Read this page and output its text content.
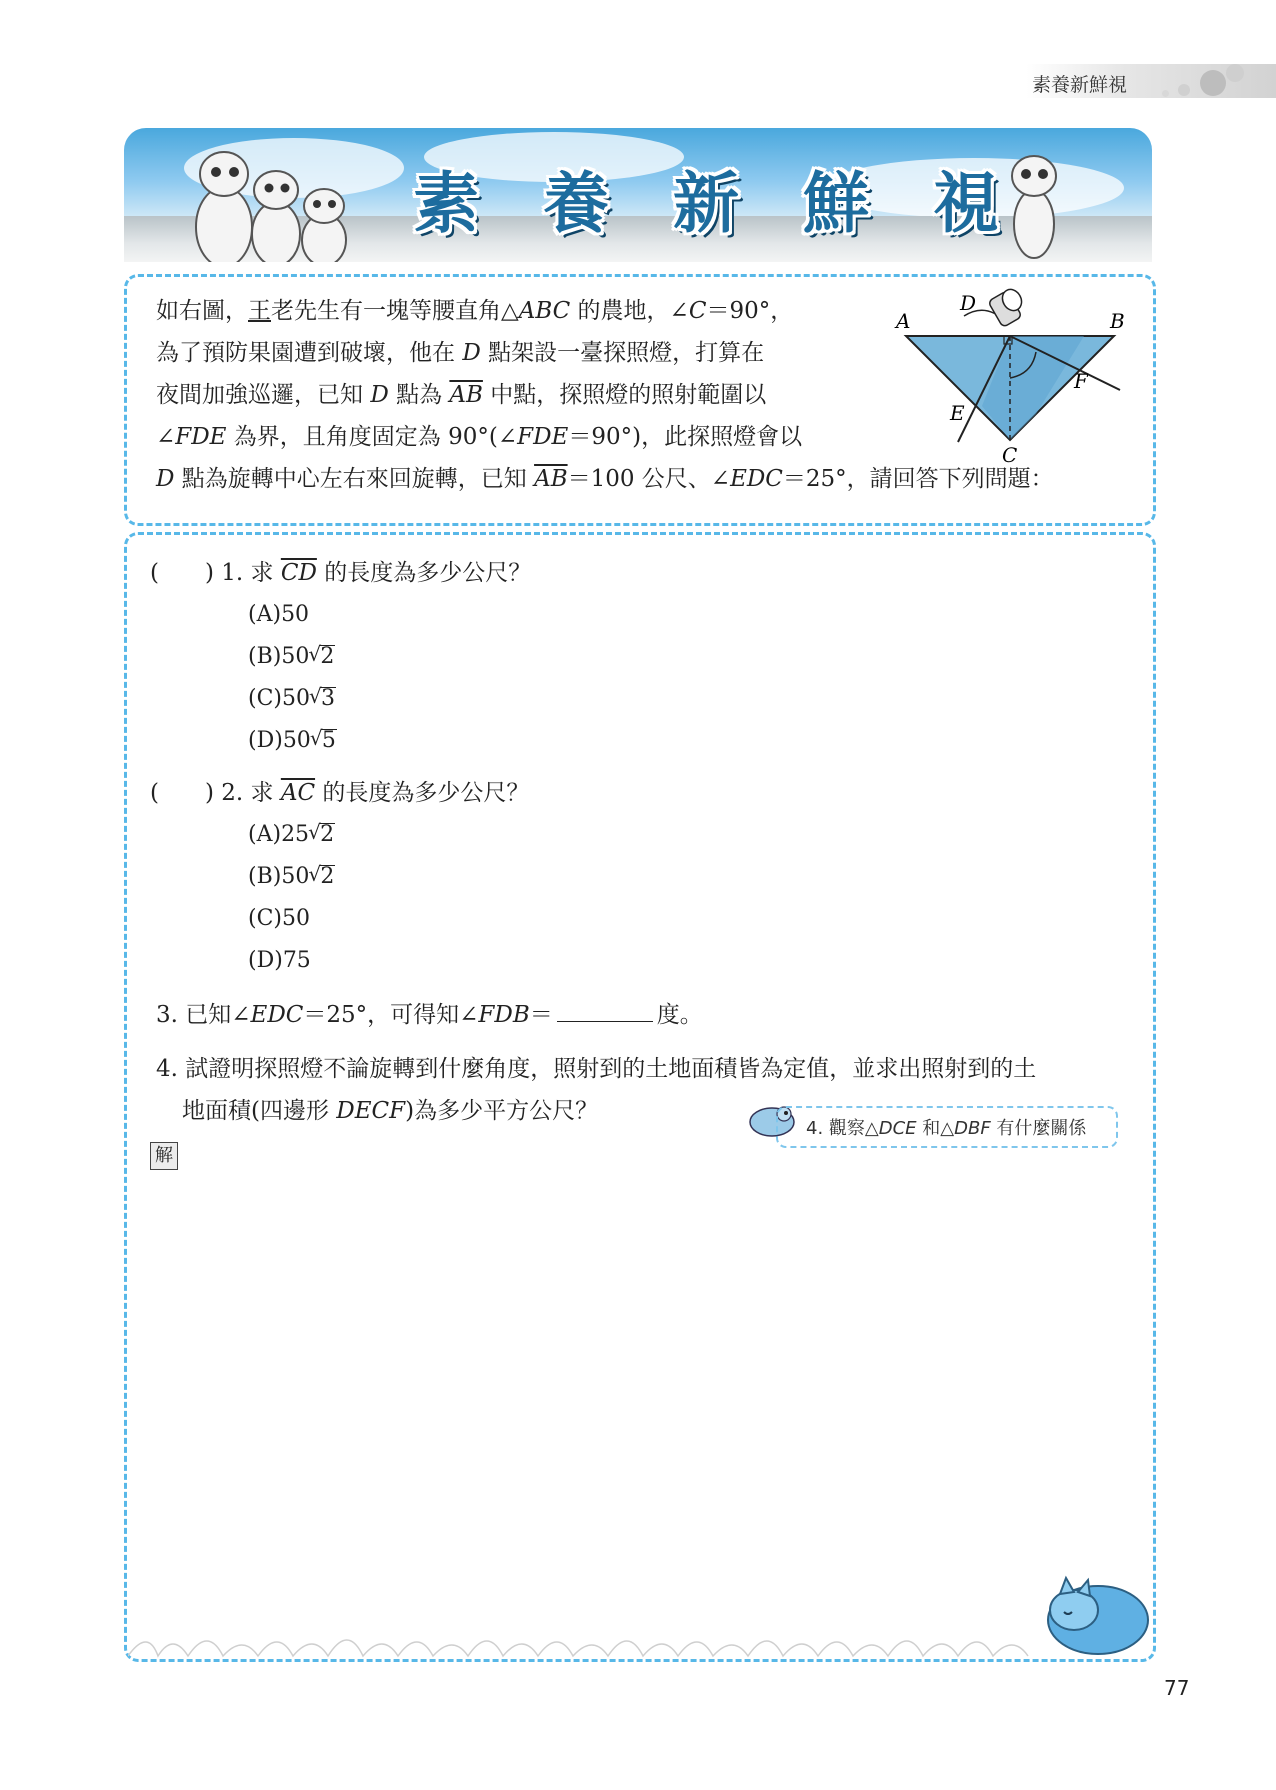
素養新鮮視
素 養 新 鮮 視
如右圖，王老先生有一塊等腰直角△ABC 的農地，∠C＝90°，
為了預防果園遭到破壞，他在 D 點架設一臺探照燈，打算在
夜間加強巡邏，已知 D 點為 $\overline{AB}$ 中點，探照燈的照射範圍以
∠FDE 為界，且角度固定為 90°(∠FDE＝90°)，此探照燈會以
D 點為旋轉中心左右來回旋轉，已知 $\overline{AB}=100$ 公尺、∠EDC＝25°，請回答下列問題：
A	B
C
D
E
F
(　　) 1. 求 $\overline{CD}$ 的長度為多少公尺？
(A)50
(B)50 √ 2
(C)50 √ 3
(D)50 √ 5
(　　) 2. 求 $\overline{AC}$ 的長度為多少公尺？
(A)25 √ 2
(B)50 √ 2
(C)50
(D)75
3. 已知∠EDC＝25°，可得知∠FDB＝	度。
4. 試證明探照燈不論旋轉到什麼角度，照射到的土地面積皆為定值，並求出照射到的土
地面積(四邊形 DECF)為多少平方公尺？
4. 觀察△DCE 和△DBF 有什麼關係
解
77
